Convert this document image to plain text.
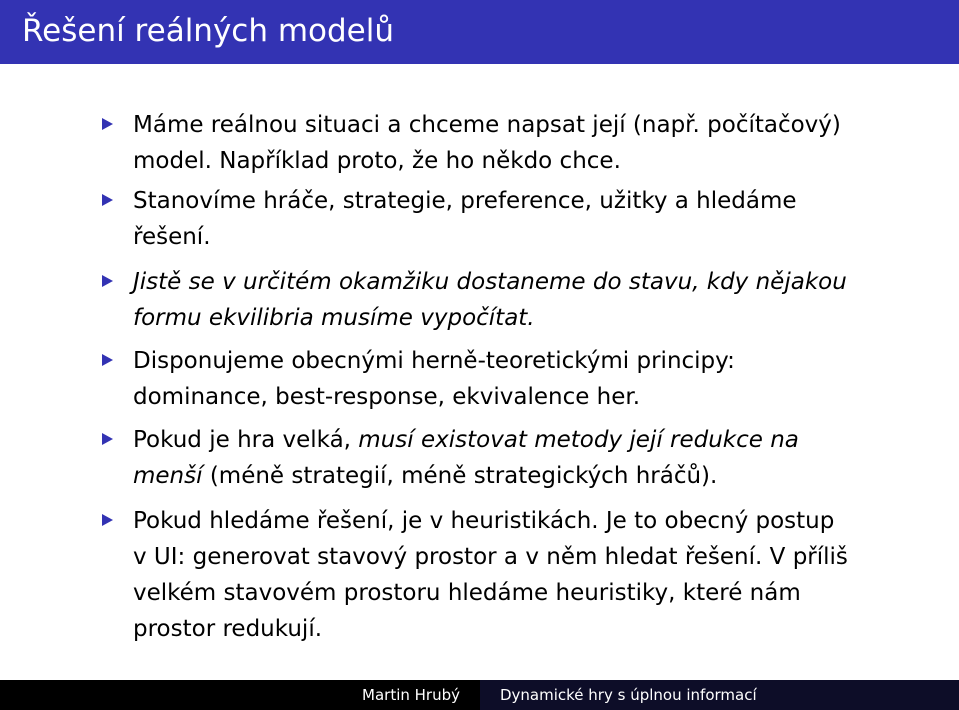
Řešení reálných modelů
Máme reálnou situaci a chceme napsat její (např. počítačový)
model. Například proto, že ho někdo chce.
Stanovíme hráče, strategie, preference, užitky a hledáme
řešení.
Jistě se v určitém okamžiku dostaneme do stavu, kdy nějakou
formu ekvilibria musíme vypočítat.
Disponujeme obecnými herně-teoretickými principy:
dominance, best-response, ekvivalence her.
Pokud je hra velká, musí existovat metody její redukce na
menší (méně strategií, méně strategických hráčů).
Pokud hledáme řešení, je v heuristikách. Je to obecný postup
v UI: generovat stavový prostor a v něm hledat řešení. V příliš
velkém stavovém prostoru hledáme heuristiky, které nám
prostor redukují.
Martin Hrubý	Dynamické hry s úplnou informací
